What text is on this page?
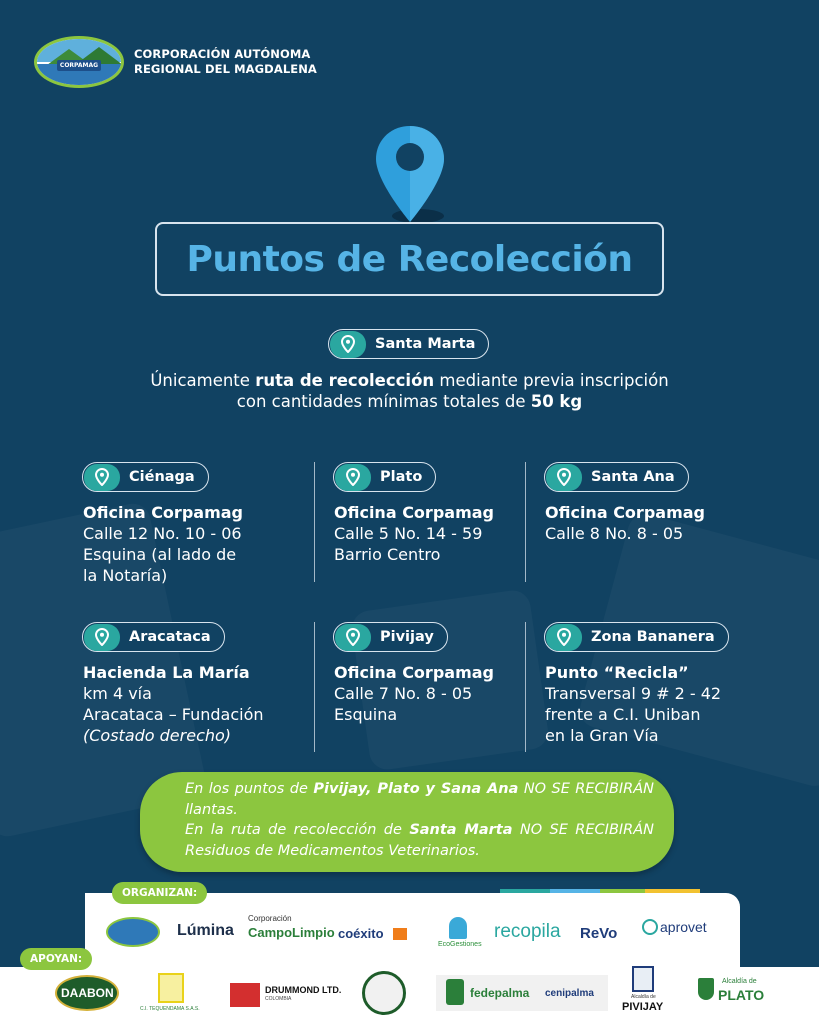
CORPAMAG
CORPORACIÓN AUTÓNOMA
REGIONAL DEL MAGDALENA
Puntos de Recolección
Santa Marta
Únicamente ruta de recolección mediante previa inscripción
con cantidades mínimas totales de 50 kg
Ciénaga
Oficina Corpamag
Calle 12 No. 10 - 06
Esquina (al lado de
la Notaría)
Plato
Oficina Corpamag
Calle 5 No. 14 - 59
Barrio Centro
Santa Ana
Oficina Corpamag
Calle 8 No. 8 - 05
Aracataca
Hacienda La María
km 4 vía
Aracataca – Fundación
(Costado derecho)
Pivijay
Oficina Corpamag
Calle 7 No. 8 - 05
Esquina
Zona Bananera
Punto “Recicla”
Transversal 9 # 2 - 42
frente a C.I. Uniban
en la Gran Vía
En los puntos de Pivijay, Plato y Sana Ana NO SE RECIBIRÁN llantas.
En la ruta de recolección de Santa Marta NO SE RECIBIRÁN Residuos de Medicamentos Veterinarios.
ORGANIZAN:
Lúmina
Corporación
CampoLimpio coéxito
EcoGestiones
recopila ReVo	aprovet
APOYAN:
DAABON
C.I. TEQUENDAMA S.A.S.
DRUMMOND LTD.
COLOMBIA	fedepalma cenipalma	Alcaldía de
PIVIJAY
Alcaldía de
PLATO
